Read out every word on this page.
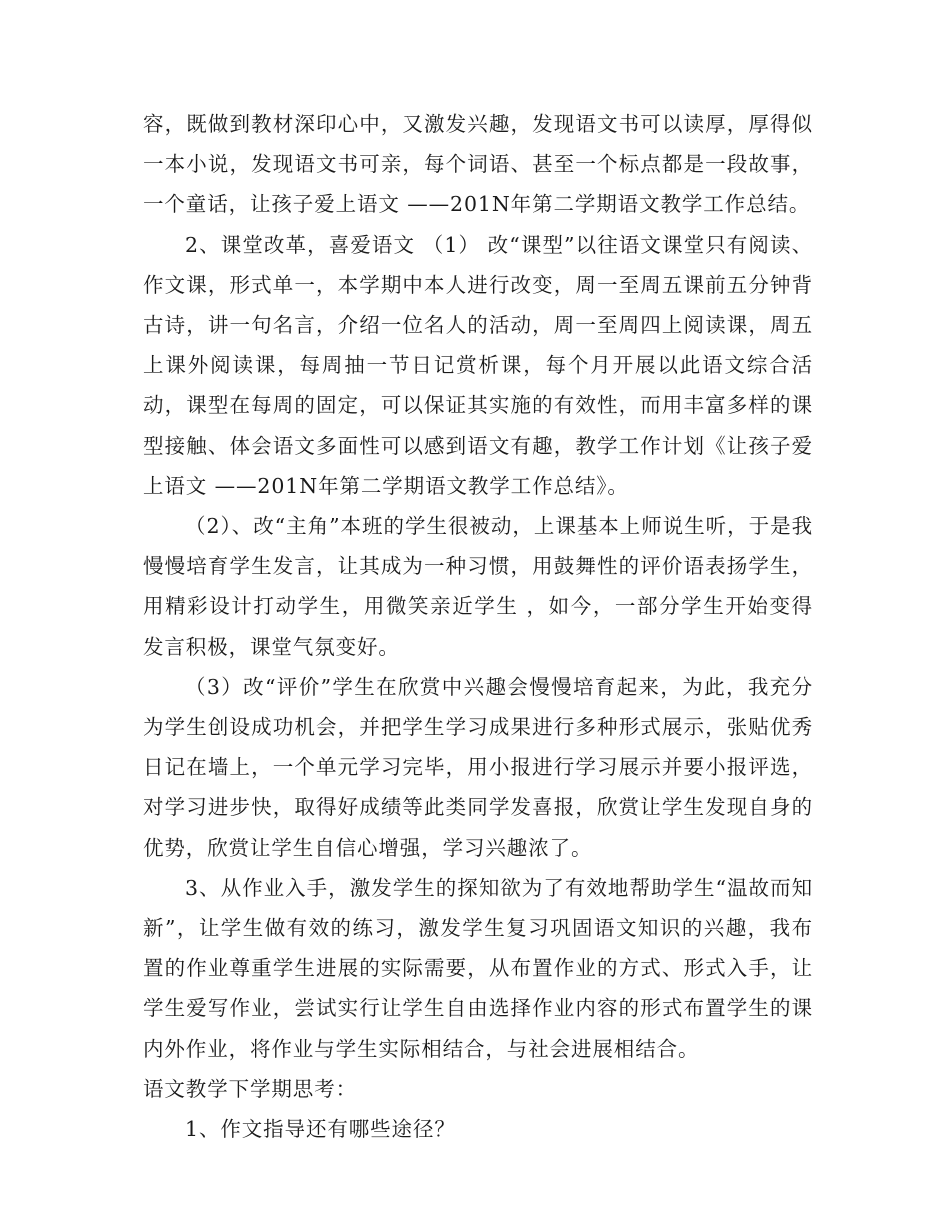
容，既做到教材深印心中，又激发兴趣，发现语文书可以读厚，厚得似一本小说，发现语文书可亲，每个词语、甚至一个标点都是一段故事，一个童话，让孩子爱上语文 ——201N年第二学期语文教学工作总结。

2、课堂改革，喜爱语文 （1） 改“课型”以往语文课堂只有阅读、作文课，形式单一，本学期中本人进行改变，周一至周五课前五分钟背古诗，讲一句名言，介绍一位名人的活动，周一至周四上阅读课，周五上课外阅读课，每周抽一节日记赏析课，每个月开展以此语文综合活动，课型在每周的固定，可以保证其实施的有效性，而用丰富多样的课型接触、体会语文多面性可以感到语文有趣，教学工作计划《让孩子爱上语文 ——201N年第二学期语文教学工作总结》。

（2）、改“主角”本班的学生很被动，上课基本上师说生听，于是我慢慢培育学生发言，让其成为一种习惯，用鼓舞性的评价语表扬学生，用精彩设计打动学生，用微笑亲近学生 ，如今，一部分学生开始变得发言积极，课堂气氛变好。

（3）改“评价”学生在欣赏中兴趣会慢慢培育起来，为此，我充分为学生创设成功机会，并把学生学习成果进行多种形式展示，张贴优秀日记在墙上，一个单元学习完毕，用小报进行学习展示并要小报评选，对学习进步快，取得好成绩等此类同学发喜报，欣赏让学生发现自身的优势，欣赏让学生自信心增强，学习兴趣浓了。

3、从作业入手，激发学生的探知欲为了有效地帮助学生“温故而知新”，让学生做有效的练习，激发学生复习巩固语文知识的兴趣，我布置的作业尊重学生进展的实际需要，从布置作业的方式、形式入手，让学生爱写作业，尝试实行让学生自由选择作业内容的形式布置学生的课内外作业，将作业与学生实际相结合，与社会进展相结合。

语文教学下学期思考：

1、作文指导还有哪些途径？
